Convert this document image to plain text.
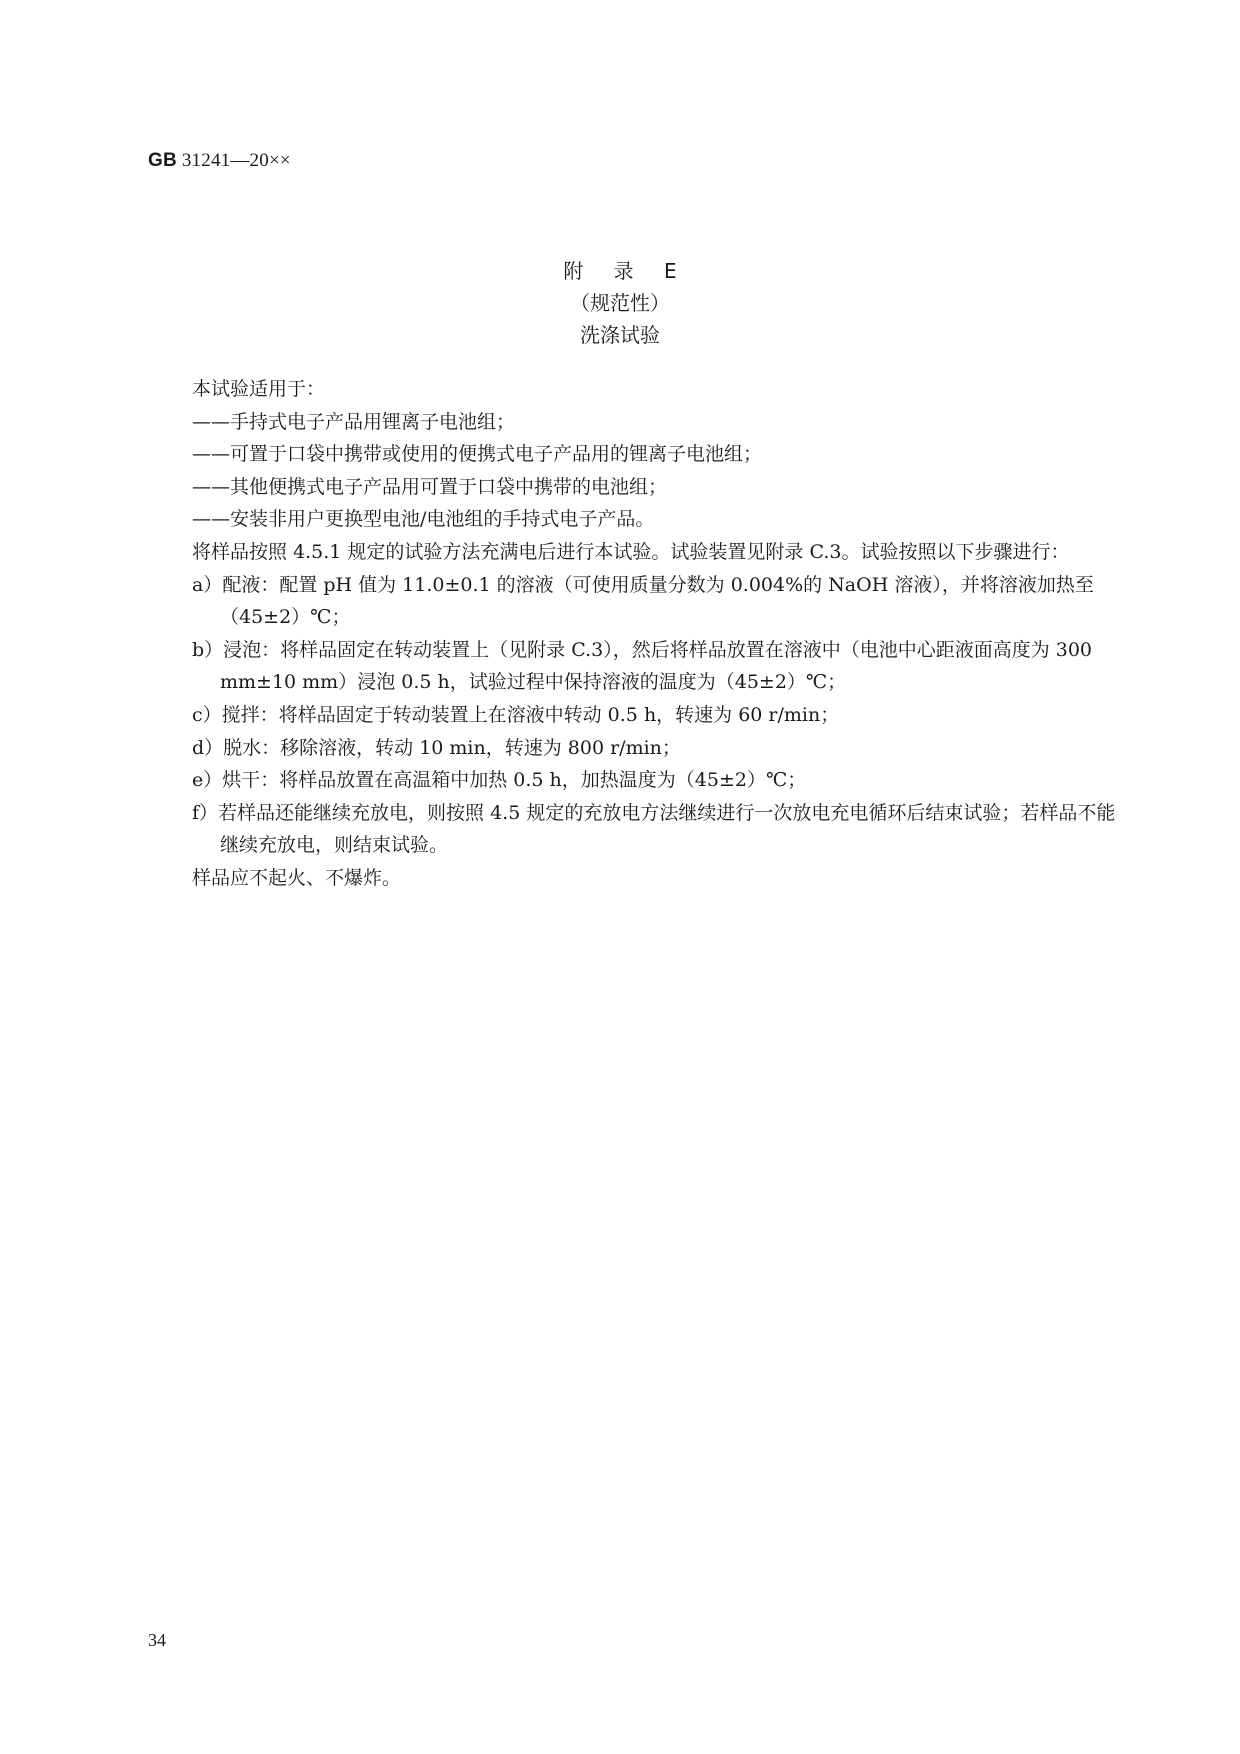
GB 31241—20××
附 录 E
（规范性）
洗涤试验

本试验适用于：

——手持式电子产品用锂离子电池组；

——可置于口袋中携带或使用的便携式电子产品用的锂离子电池组；

——其他便携式电子产品用可置于口袋中携带的电池组；

——安装非用户更换型电池/电池组的手持式电子产品。

将样品按照 4.5.1 规定的试验方法充满电后进行本试验。试验装置见附录 C.3。试验按照以下步骤进行：

a）配液：配置 pH 值为 11.0±0.1 的溶液（可使用质量分数为 0.004%的 NaOH 溶液），并将溶液加热至（45±2）℃；

b）浸泡：将样品固定在转动装置上（见附录 C.3），然后将样品放置在溶液中（电池中心距液面高度为 300 mm±10 mm）浸泡 0.5 h，试验过程中保持溶液的温度为（45±2）℃；

c）搅拌：将样品固定于转动装置上在溶液中转动 0.5 h，转速为 60 r/min；

d）脱水：移除溶液，转动 10 min，转速为 800 r/min；

e）烘干：将样品放置在高温箱中加热 0.5 h，加热温度为（45±2）℃；

f）若样品还能继续充放电，则按照 4.5 规定的充放电方法继续进行一次放电充电循环后结束试验；若样品不能继续充放电，则结束试验。

样品应不起火、不爆炸。

34
